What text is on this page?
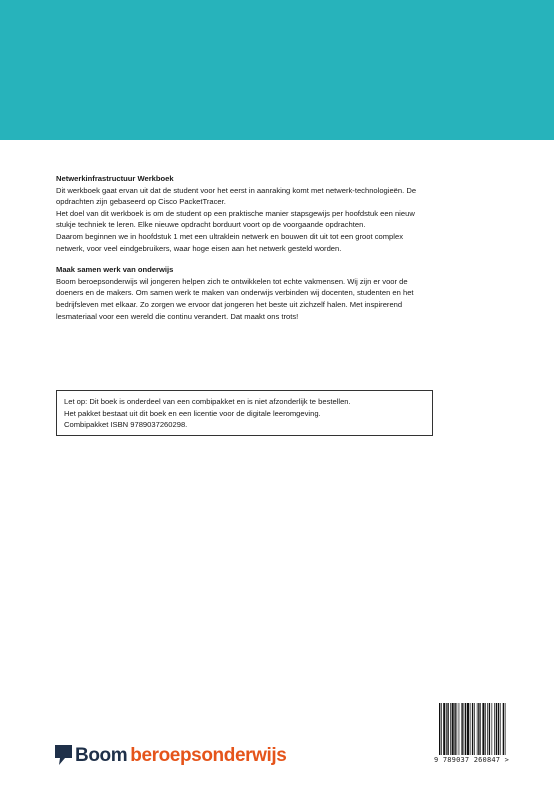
Netwerkinfrastructuur Werkboek

Dit werkboek gaat ervan uit dat de student voor het eerst in aanraking komt met netwerk-technologieën. De opdrachten zijn gebaseerd op Cisco PacketTracer.

Het doel van dit werkboek is om de student op een praktische manier stapsgewijs per hoofdstuk een nieuw stukje techniek te leren. Elke nieuwe opdracht borduurt voort op de voorgaande opdrachten.

Daarom beginnen we in hoofdstuk 1 met een ultraklein netwerk en bouwen dit uit tot een groot complex netwerk, voor veel eindgebruikers, waar hoge eisen aan het netwerk gesteld worden.

Maak samen werk van onderwijs

Boom beroepsonderwijs wil jongeren helpen zich te ontwikkelen tot echte vakmensen. Wij zijn er voor de doeners en de makers. Om samen werk te maken van onderwijs verbinden wij docenten, studenten en het bedrijfsleven met elkaar. Zo zorgen we ervoor dat jongeren het beste uit zichzelf halen. Met inspirerend lesmateriaal voor een wereld die continu verandert. Dat maakt ons trots!

Let op: Dit boek is onderdeel van een combipakket en is niet afzonderlijk te bestellen.

Het pakket bestaat uit dit boek en een licentie voor de digitale leeromgeving.

Combipakket ISBN 9789037260298.

Boom beroepsonderwijs	9 789037 260847 >
